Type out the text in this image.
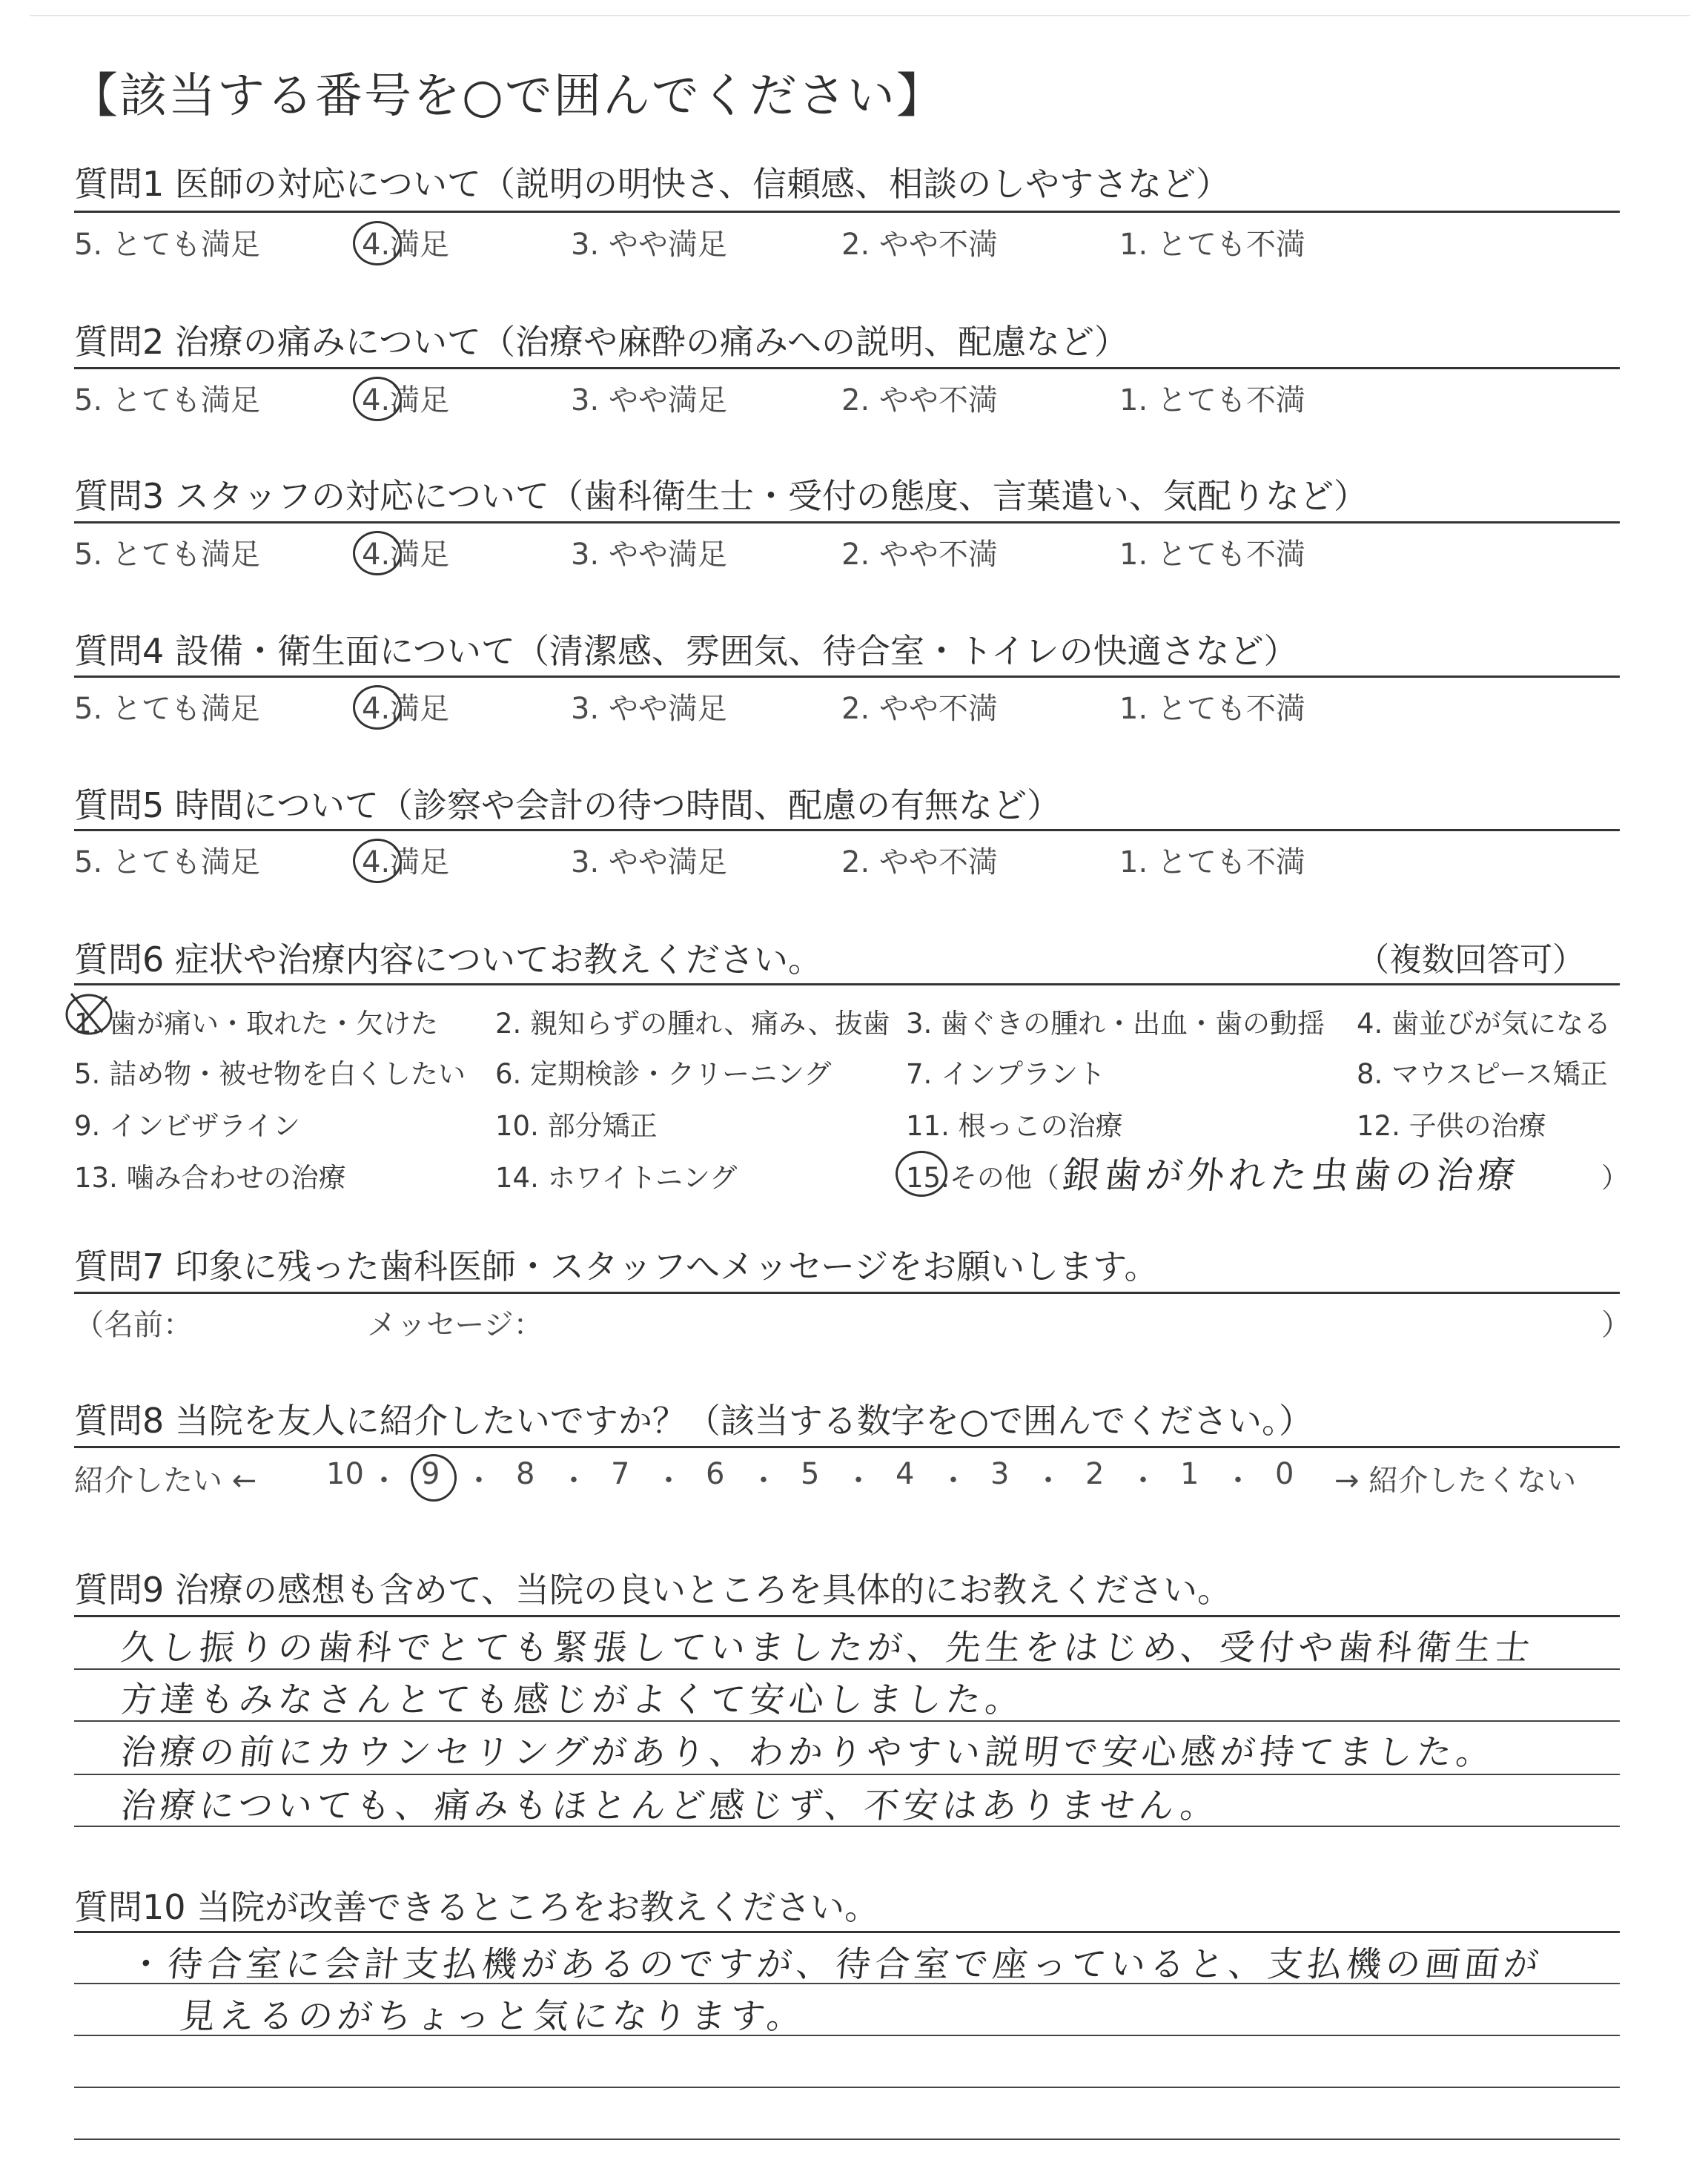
【該当する番号を○で囲んでください】
質問1 医師の対応について（説明の明快さ、信頼感、相談のしやすさなど）
5. とても満足	4.満足	3. やや満足	2. やや不満	1. とても不満
質問2 治療の痛みについて（治療や麻酔の痛みへの説明、配慮など）
5. とても満足	4.満足	3. やや満足	2. やや不満	1. とても不満
質問3 スタッフの対応について（歯科衛生士・受付の態度、言葉遣い、気配りなど）
5. とても満足	4.満足	3. やや満足	2. やや不満	1. とても不満
質問4 設備・衛生面について（清潔感、雰囲気、待合室・トイレの快適さなど）
5. とても満足	4.満足	3. やや満足	2. やや不満	1. とても不満
質問5 時間について（診察や会計の待つ時間、配慮の有無など）
5. とても満足	4.満足	3. やや満足	2. やや不満	1. とても不満
質問6 症状や治療内容についてお教えください。	（複数回答可）
1. 歯が痛い・取れた・欠けた 2. 親知らずの腫れ、痛み、抜歯 3. 歯ぐきの腫れ・出血・歯の動揺 4. 歯並びが気になる
5. 詰め物・被せ物を白くしたい 6. 定期検診・クリーニング	7. インプラント	8. マウスピース矯正
9. インビザライン	10. 部分矯正	11. 根っこの治療	12. 子供の治療
13. 噛み合わせの治療	14. ホワイトニング	15.その他（ 銀歯が外れた虫歯の治療	）
質問7 印象に残った歯科医師・スタッフへメッセージをお願いします。
（名前：	メッセージ：	）
質問8 当院を友人に紹介したいですか？（該当する数字を○で囲んでください。）
紹介したい ← 10 ・ 9 ・ 8 ・ 7 ・ 6 ・ 5 ・ 4 ・ 3 ・ 2 ・ 1 ・ 0 → 紹介したくない
質問9 治療の感想も含めて、当院の良いところを具体的にお教えください。
久し振りの歯科でとても緊張していましたが、先生をはじめ、受付や歯科衛生士
方達もみなさんとても感じがよくて安心しました。
治療の前にカウンセリングがあり、わかりやすい説明で安心感が持てました。
治療についても、痛みもほとんど感じず、不安はありません。
質問10 当院が改善できるところをお教えください。
・待合室に会計支払機があるのですが、待合室で座っていると、支払機の画面が
見えるのがちょっと気になります。
